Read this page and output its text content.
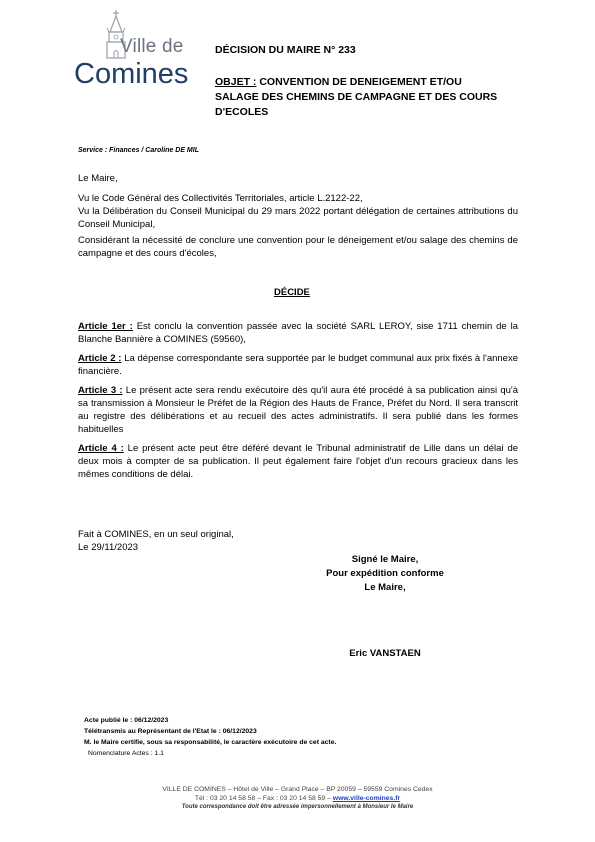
Ville de
Comines
DÉCISION DU MAIRE N° 233
OBJET : CONVENTION DE DENEIGEMENT ET/OU SALAGE DES CHEMINS DE CAMPAGNE ET DES COURS D'ECOLES
Service : Finances / Caroline DE MIL

Le Maire,

Vu le Code Général des Collectivités Territoriales, article L.2122-22,

Vu la Délibération du Conseil Municipal du 29 mars 2022 portant délégation de certaines attributions du Conseil Municipal,

Considérant la nécessité de conclure une convention pour le déneigement et/ou salage des chemins de campagne et des cours d'écoles,

DÉCIDE

Article 1er : Est conclu la convention passée avec la société SARL LEROY, sise 1711 chemin de la Blanche Bannière à COMINES (59560),

Article 2 : La dépense correspondante sera supportée par le budget communal aux prix fixés à l'annexe financière.

Article 3 : Le présent acte sera rendu exécutoire dès qu'il aura été procédé à sa publication ainsi qu'à sa transmission à Monsieur le Préfet de la Région des Hauts de France, Préfet du Nord. Il sera transcrit au registre des délibérations et au recueil des actes administratifs. Il sera publié dans les formes habituelles

Article 4 : Le présent acte peut être déféré devant le Tribunal administratif de Lille dans un délai de deux mois à compter de sa publication. Il peut également faire l'objet d'un recours gracieux dans les mêmes conditions de délai.

Fait à COMINES, en un seul original,

Le 29/11/2023

Signé le Maire,
Pour expédition conforme
Le Maire,
Eric VANSTAEN
Acte publié le : 06/12/2023
Télétransmis au Représentant de l'Etat le : 06/12/2023
M. le Maire certifie, sous sa responsabilité, le caractère exécutoire de cet acte.
Nomenclature Actes : 1.1
VILLE DE COMINES – Hôtel de Ville – Grand Place – BP 20059 – 59559 Comines Cedex
Tél : 03 20 14 58 58 – Fax : 03 20 14 58 59 – www.ville-comines.fr
Toute correspondance doit être adressée impersonnellement à Monsieur le Maire
